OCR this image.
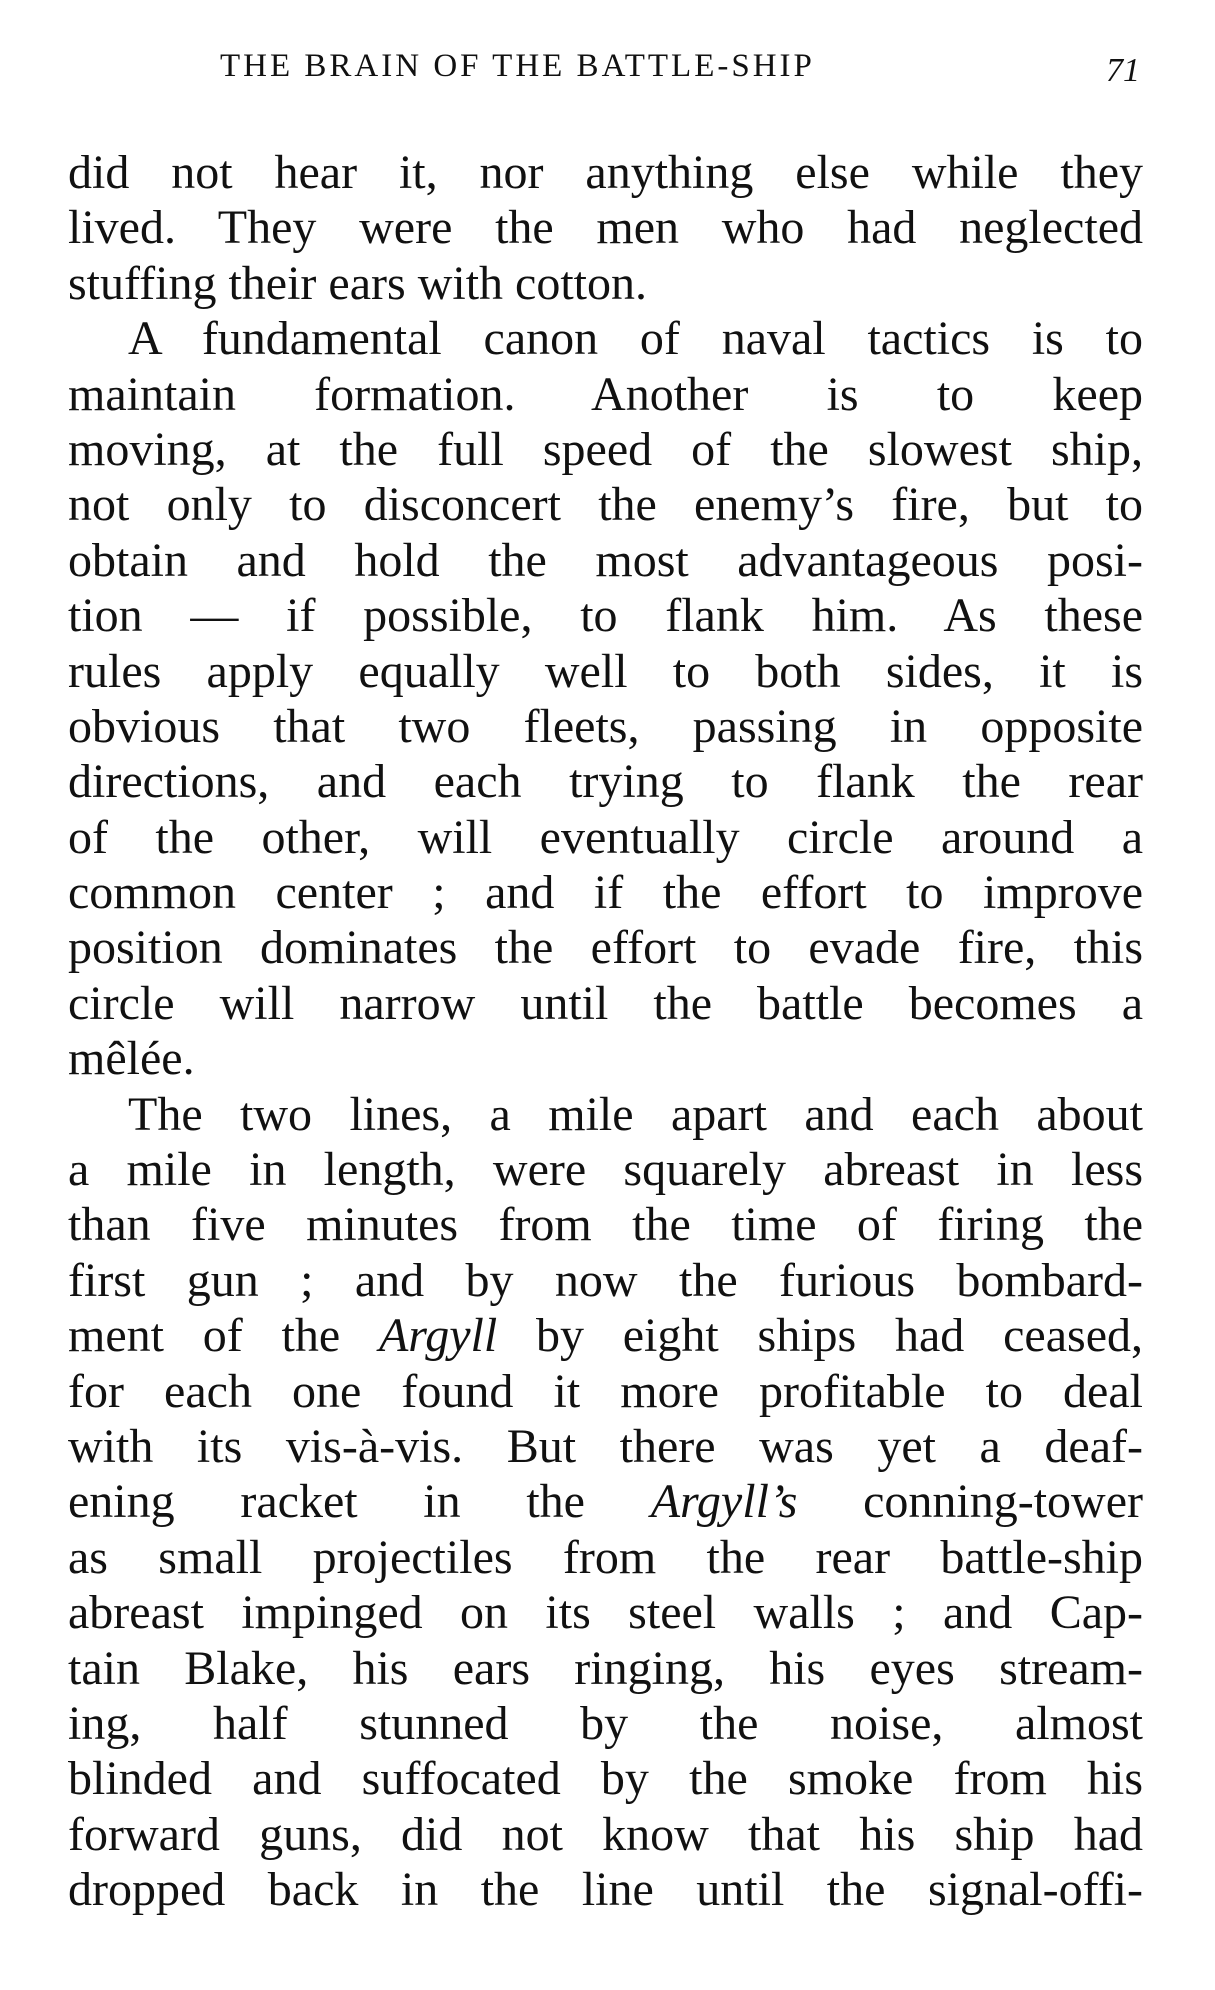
THE BRAIN OF THE BATTLE-SHIP	71
did not hear it, nor anything else while they
lived. They were the men who had neglected
stuffing their ears with cotton.
A fundamental canon of naval tactics is to
maintain formation. Another is to keep
moving, at the full speed of the slowest ship,
not only to disconcert the enemy’s fire, but to
obtain and hold the most advantageous posi-
tion — if possible, to flank him. As these
rules apply equally well to both sides, it is
obvious that two fleets, passing in opposite
directions, and each trying to flank the rear
of the other, will eventually circle around a
common center ; and if the effort to improve
position dominates the effort to evade fire, this
circle will narrow until the battle becomes a
mêlée.
The two lines, a mile apart and each about
a mile in length, were squarely abreast in less
than five minutes from the time of firing the
first gun ; and by now the furious bombard-
ment of the Argyll by eight ships had ceased,
for each one found it more profitable to deal
with its vis-à-vis. But there was yet a deaf-
ening racket in the Argyll’s conning-tower
as small projectiles from the rear battle-ship
abreast impinged on its steel walls ; and Cap-
tain Blake, his ears ringing, his eyes stream-
ing, half stunned by the noise, almost
blinded and suffocated by the smoke from his
forward guns, did not know that his ship had
dropped back in the line until the signal-offi-
